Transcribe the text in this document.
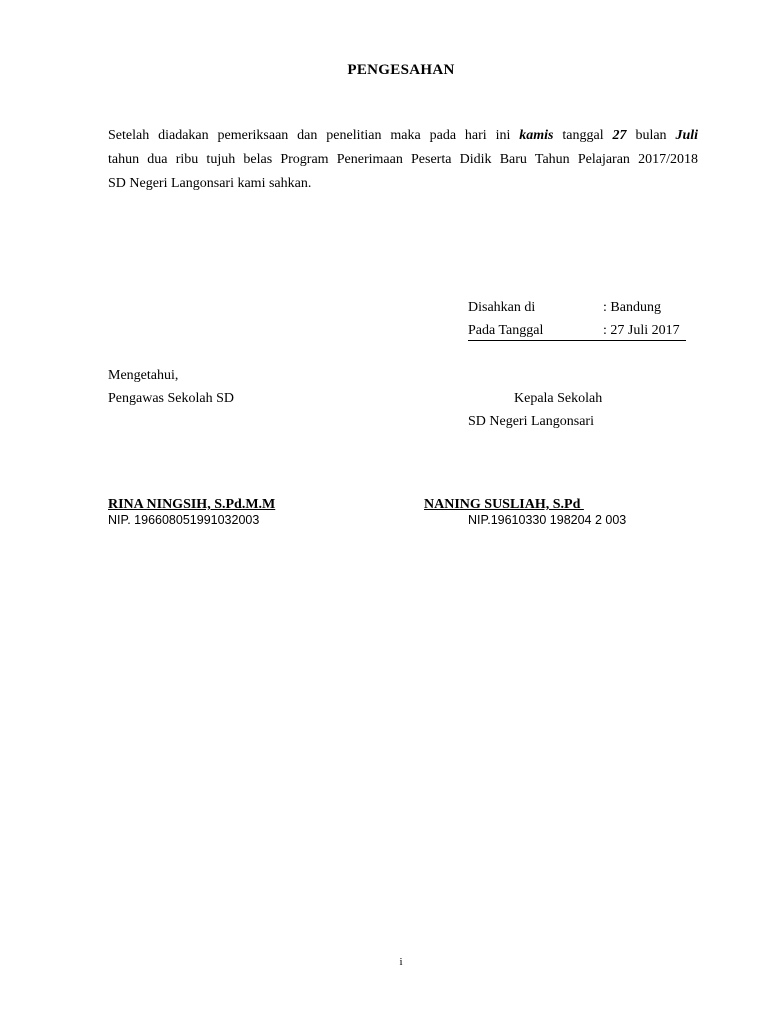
PENGESAHAN
Setelah diadakan pemeriksaan dan penelitian maka pada hari ini kamis tanggal 27 bulan Juli
tahun dua ribu tujuh belas Program Penerimaan Peserta Didik Baru Tahun Pelajaran 2017/2018
SD Negeri Langonsari kami sahkan.
Disahkan di	: Bandung
Pada Tanggal	: 27 Juli 2017
Mengetahui,
Pengawas Sekolah SD	Kepala Sekolah
SD Negeri Langonsari
RINA NINGSIH, S.Pd.M.M	NANING SUSLIAH, S.Pd
NIP. 196608051991032003	NIP.19610330 198204 2 003
i
